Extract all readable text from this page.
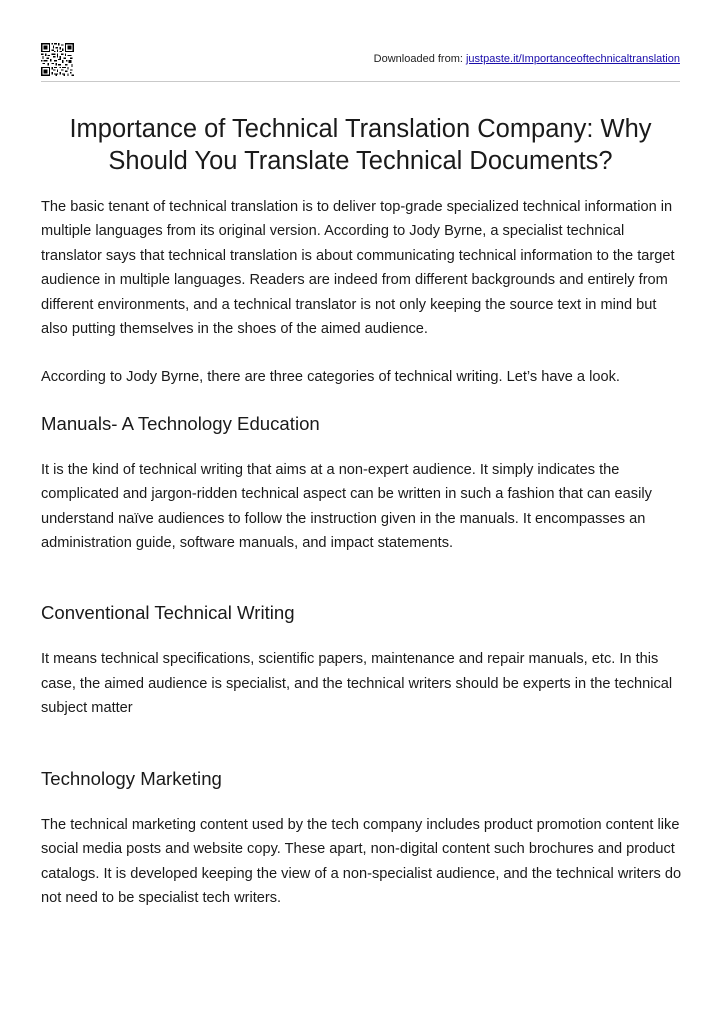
Downloaded from: justpaste.it/Importanceoftechnicaltranslation
Importance of Technical Translation Company: Why Should You Translate Technical Documents?

The basic tenant of technical translation is to deliver top-grade specialized technical information in multiple languages from its original version. According to Jody Byrne, a specialist technical translator says that technical translation is about communicating technical information to the target audience in multiple languages. Readers are indeed from different backgrounds and entirely from different environments, and a technical translator is not only keeping the source text in mind but also putting themselves in the shoes of the aimed audience.

According to Jody Byrne, there are three categories of technical writing. Let’s have a look.

Manuals- A Technology Education

It is the kind of technical writing that aims at a non-expert audience. It simply indicates the complicated and jargon-ridden technical aspect can be written in such a fashion that can easily understand naïve audiences to follow the instruction given in the manuals. It encompasses an administration guide, software manuals, and impact statements.

Conventional Technical Writing

It means technical specifications, scientific papers, maintenance and repair manuals, etc. In this case, the aimed audience is specialist, and the technical writers should be experts in the technical subject matter

Technology Marketing

The technical marketing content used by the tech company includes product promotion content like social media posts and website copy. These apart, non-digital content such brochures and product catalogs. It is developed keeping the view of a non-specialist audience, and the technical writers do not need to be specialist tech writers.
